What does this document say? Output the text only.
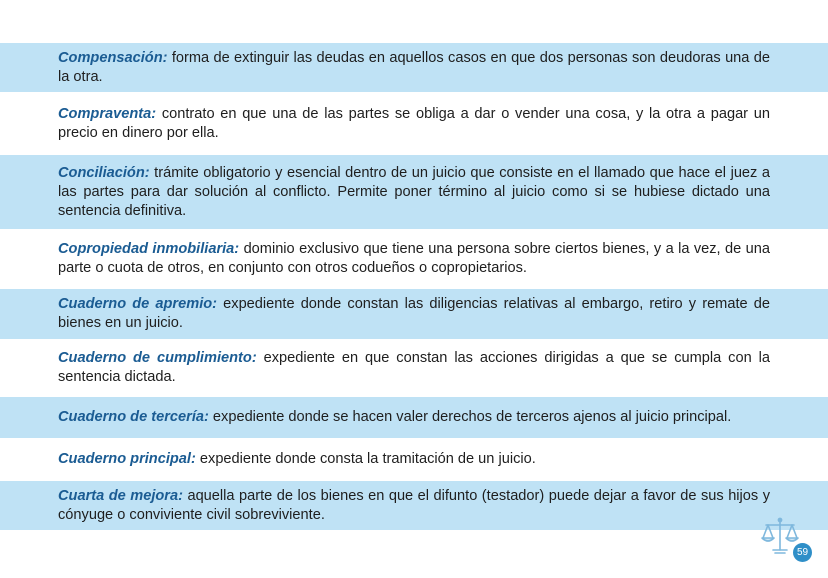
Compensación: forma de extinguir las deudas en aquellos casos en que dos personas son deudoras una de la otra.

Compraventa: contrato en que una de las partes se obliga a dar o vender una cosa, y la otra a pagar un precio en dinero por ella.

Conciliación: trámite obligatorio y esencial dentro de un juicio que consiste en el llamado que hace el juez a las partes para dar solución al conflicto. Permite poner término al juicio como si se hubiese dictado una sentencia definitiva.

Copropiedad inmobiliaria: dominio exclusivo que tiene una persona sobre ciertos bienes, y a la vez, de una parte o cuota de otros, en conjunto con otros codueños o copropietarios.

Cuaderno de apremio: expediente donde constan las diligencias relativas al embargo, retiro y remate de bienes en un juicio.

Cuaderno de cumplimiento: expediente en que constan las acciones dirigidas a que se cumpla con la sentencia dictada.

Cuaderno de tercería: expediente donde se hacen valer derechos de terceros ajenos al juicio principal.

Cuaderno principal: expediente donde consta la tramitación de un juicio.

Cuarta de mejora: aquella parte de los bienes en que el difunto (testador) puede dejar a favor de sus hijos y cónyuge o conviviente civil sobreviviente.

59
